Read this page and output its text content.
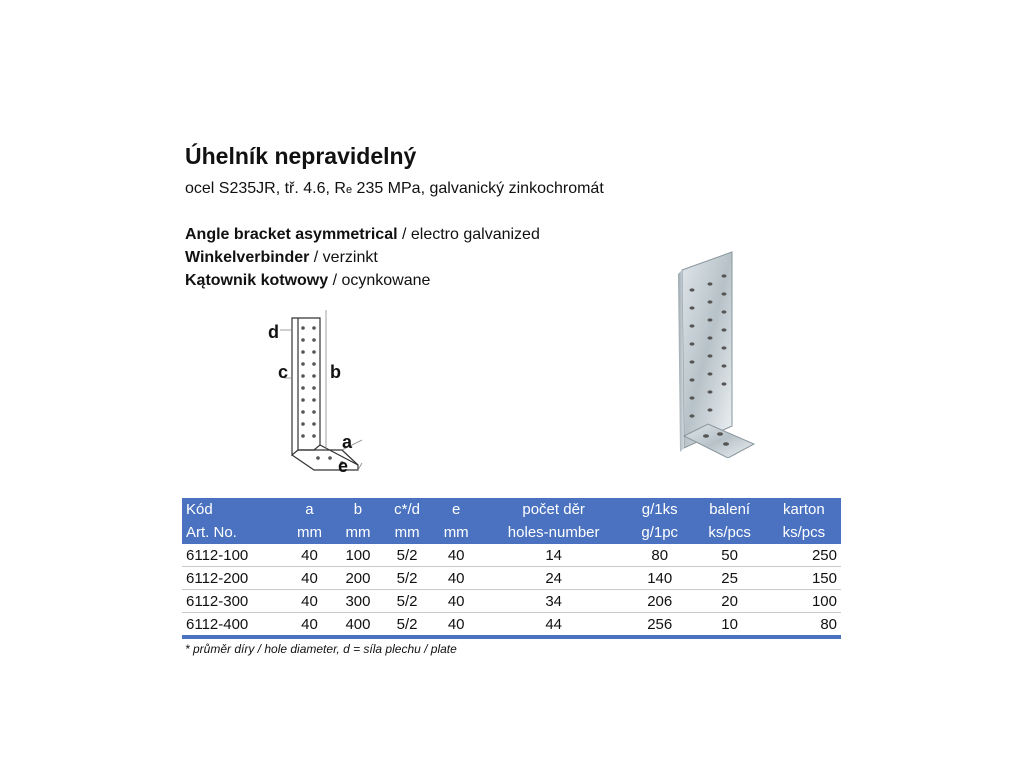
Úhelník nepravidelný
ocel S235JR, tř. 4.6, Re 235 MPa, galvanický zinkochromát
Angle bracket asymmetrical / electro galvanized
Winkelverbinder / verzinkt
Kątownik kotwowy / ocynkowane
d
c b
a
e
Kód	a	b	c*/d	e	počet děr	g/1ks	balení	karton
Art. No.	mm	mm	mm	mm	holes-number	g/1pc	ks/pcs	ks/pcs
6112-100	40	100	5/2	40	14	80	50	250
6112-200	40	200	5/2	40	24	140	25	150
6112-300	40	300	5/2	40	34	206	20	100
6112-400	40	400	5/2	40	44	256	10	80
* průměr díry / hole diameter, d = síla plechu / plate
